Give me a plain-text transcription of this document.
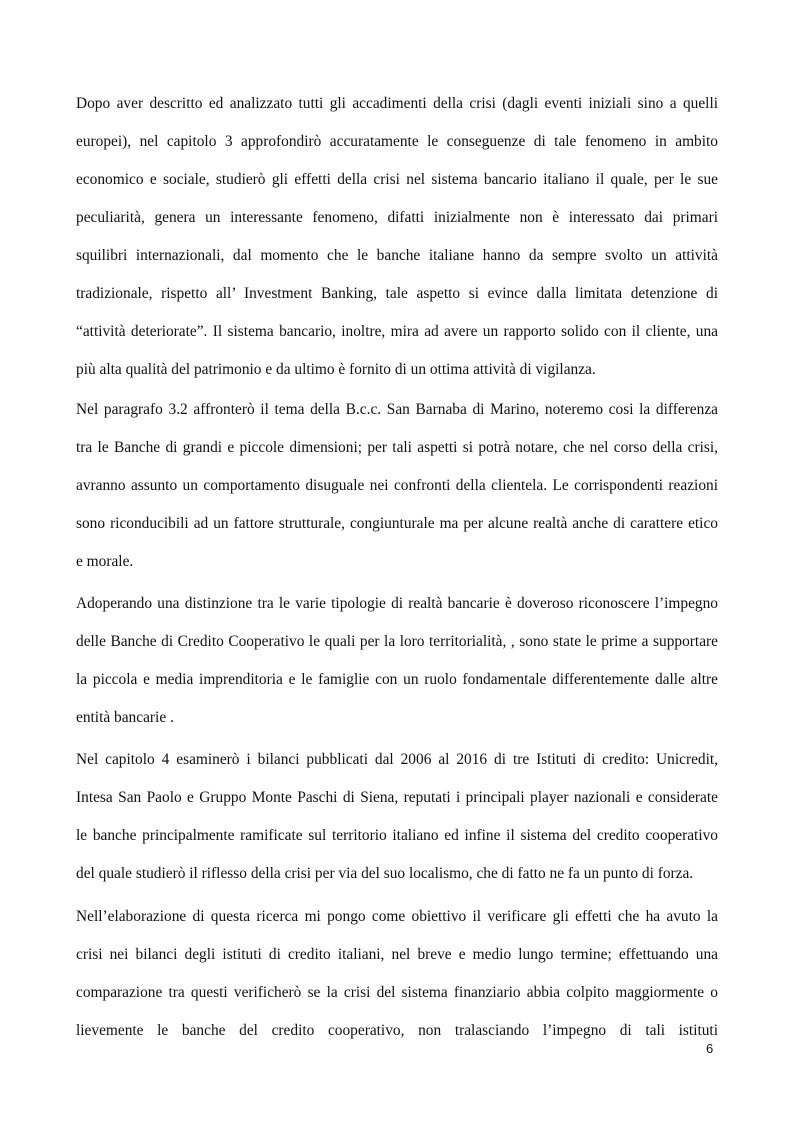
Dopo aver descritto ed analizzato tutti gli accadimenti della crisi (dagli eventi iniziali sino a quelli
europei), nel capitolo 3 approfondirò accuratamente le conseguenze di tale fenomeno in ambito
economico e sociale, studierò gli effetti della crisi nel sistema bancario italiano il quale, per le sue
peculiarità, genera un interessante fenomeno, difatti inizialmente non è interessato dai primari
squilibri internazionali, dal momento che le banche italiane hanno da sempre svolto un attività
tradizionale, rispetto all’ Investment Banking, tale aspetto si evince dalla limitata detenzione di
“attività deteriorate”. Il sistema bancario, inoltre, mira ad avere un rapporto solido con il cliente, una
più alta qualità del patrimonio e da ultimo è fornito di un ottima attività di vigilanza.
Nel paragrafo 3.2 affronterò il tema della B.c.c. San Barnaba di Marino, noteremo cosi la differenza
tra le Banche di grandi e piccole dimensioni; per tali aspetti si potrà notare, che nel corso della crisi,
avranno assunto un comportamento disuguale nei confronti della clientela. Le corrispondenti reazioni
sono riconducibili ad un fattore strutturale, congiunturale ma per alcune realtà anche di carattere etico
e morale.
Adoperando una distinzione tra le varie tipologie di realtà bancarie è doveroso riconoscere l’impegno
delle Banche di Credito Cooperativo le quali per la loro territorialità, , sono state le prime a supportare
la piccola e media imprenditoria e le famiglie con un ruolo fondamentale differentemente dalle altre
entità bancarie .
Nel capitolo 4 esaminerò i bilanci pubblicati dal 2006 al 2016 di tre Istituti di credito: Unicredit,
Intesa San Paolo e Gruppo Monte Paschi di Siena, reputati i principali player nazionali e considerate
le banche principalmente ramificate sul territorio italiano ed infine il sistema del credito cooperativo
del quale studierò il riflesso della crisi per via del suo localismo, che di fatto ne fa un punto di forza.
Nell’elaborazione di questa ricerca mi pongo come obiettivo il verificare gli effetti che ha avuto la
crisi nei bilanci degli istituti di credito italiani, nel breve e medio lungo termine; effettuando una
comparazione tra questi verificherò se la crisi del sistema finanziario abbia colpito maggiormente o
lievemente le banche del credito cooperativo, non tralasciando l’impegno di tali istituti
6
